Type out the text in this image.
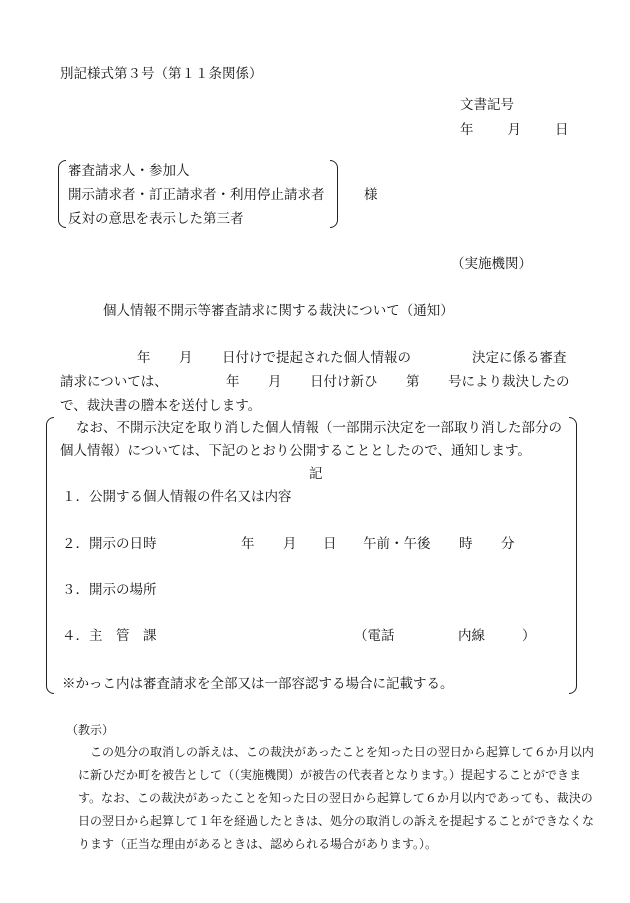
別記様式第３号（第１１条関係）
文書記号
年	月	日
審査請求人・参加人
開示請求者・訂正請求者・利用停止請求者
反対の意思を表示した第三者
様
（実施機関）
個人情報不開示等審査請求に関する裁決について（通知）
年 月 日付けで提起された個人情報の	決定に係る審査
請求については、	年 月 日付け新ひ 第 号により裁決したの
で、裁決書の謄本を送付します。
なお、不開示決定を取り消した個人情報（一部開示決定を一部取り消した部分の
個人情報）については、下記のとおり公開することとしたので、通知します。
記
１．公開する個人情報の件名又は内容
２．開示の日時	年 月 日 午前・午後 時 分
３．開示の場所
４．主　管　課	（電話	内線	）
※かっこ内は審査請求を全部又は一部容認する場合に記載する。
（教示）
この処分の取消しの訴えは、この裁決があったことを知った日の翌日から起算して６か月以内
に新ひだか町を被告として（（実施機関）が被告の代表者となります。）提起することができま
す。なお、この裁決があったことを知った日の翌日から起算して６か月以内であっても、裁決の
日の翌日から起算して１年を経過したときは、処分の取消しの訴えを提起することができなくな
ります（正当な理由があるときは、認められる場合があります。）。
